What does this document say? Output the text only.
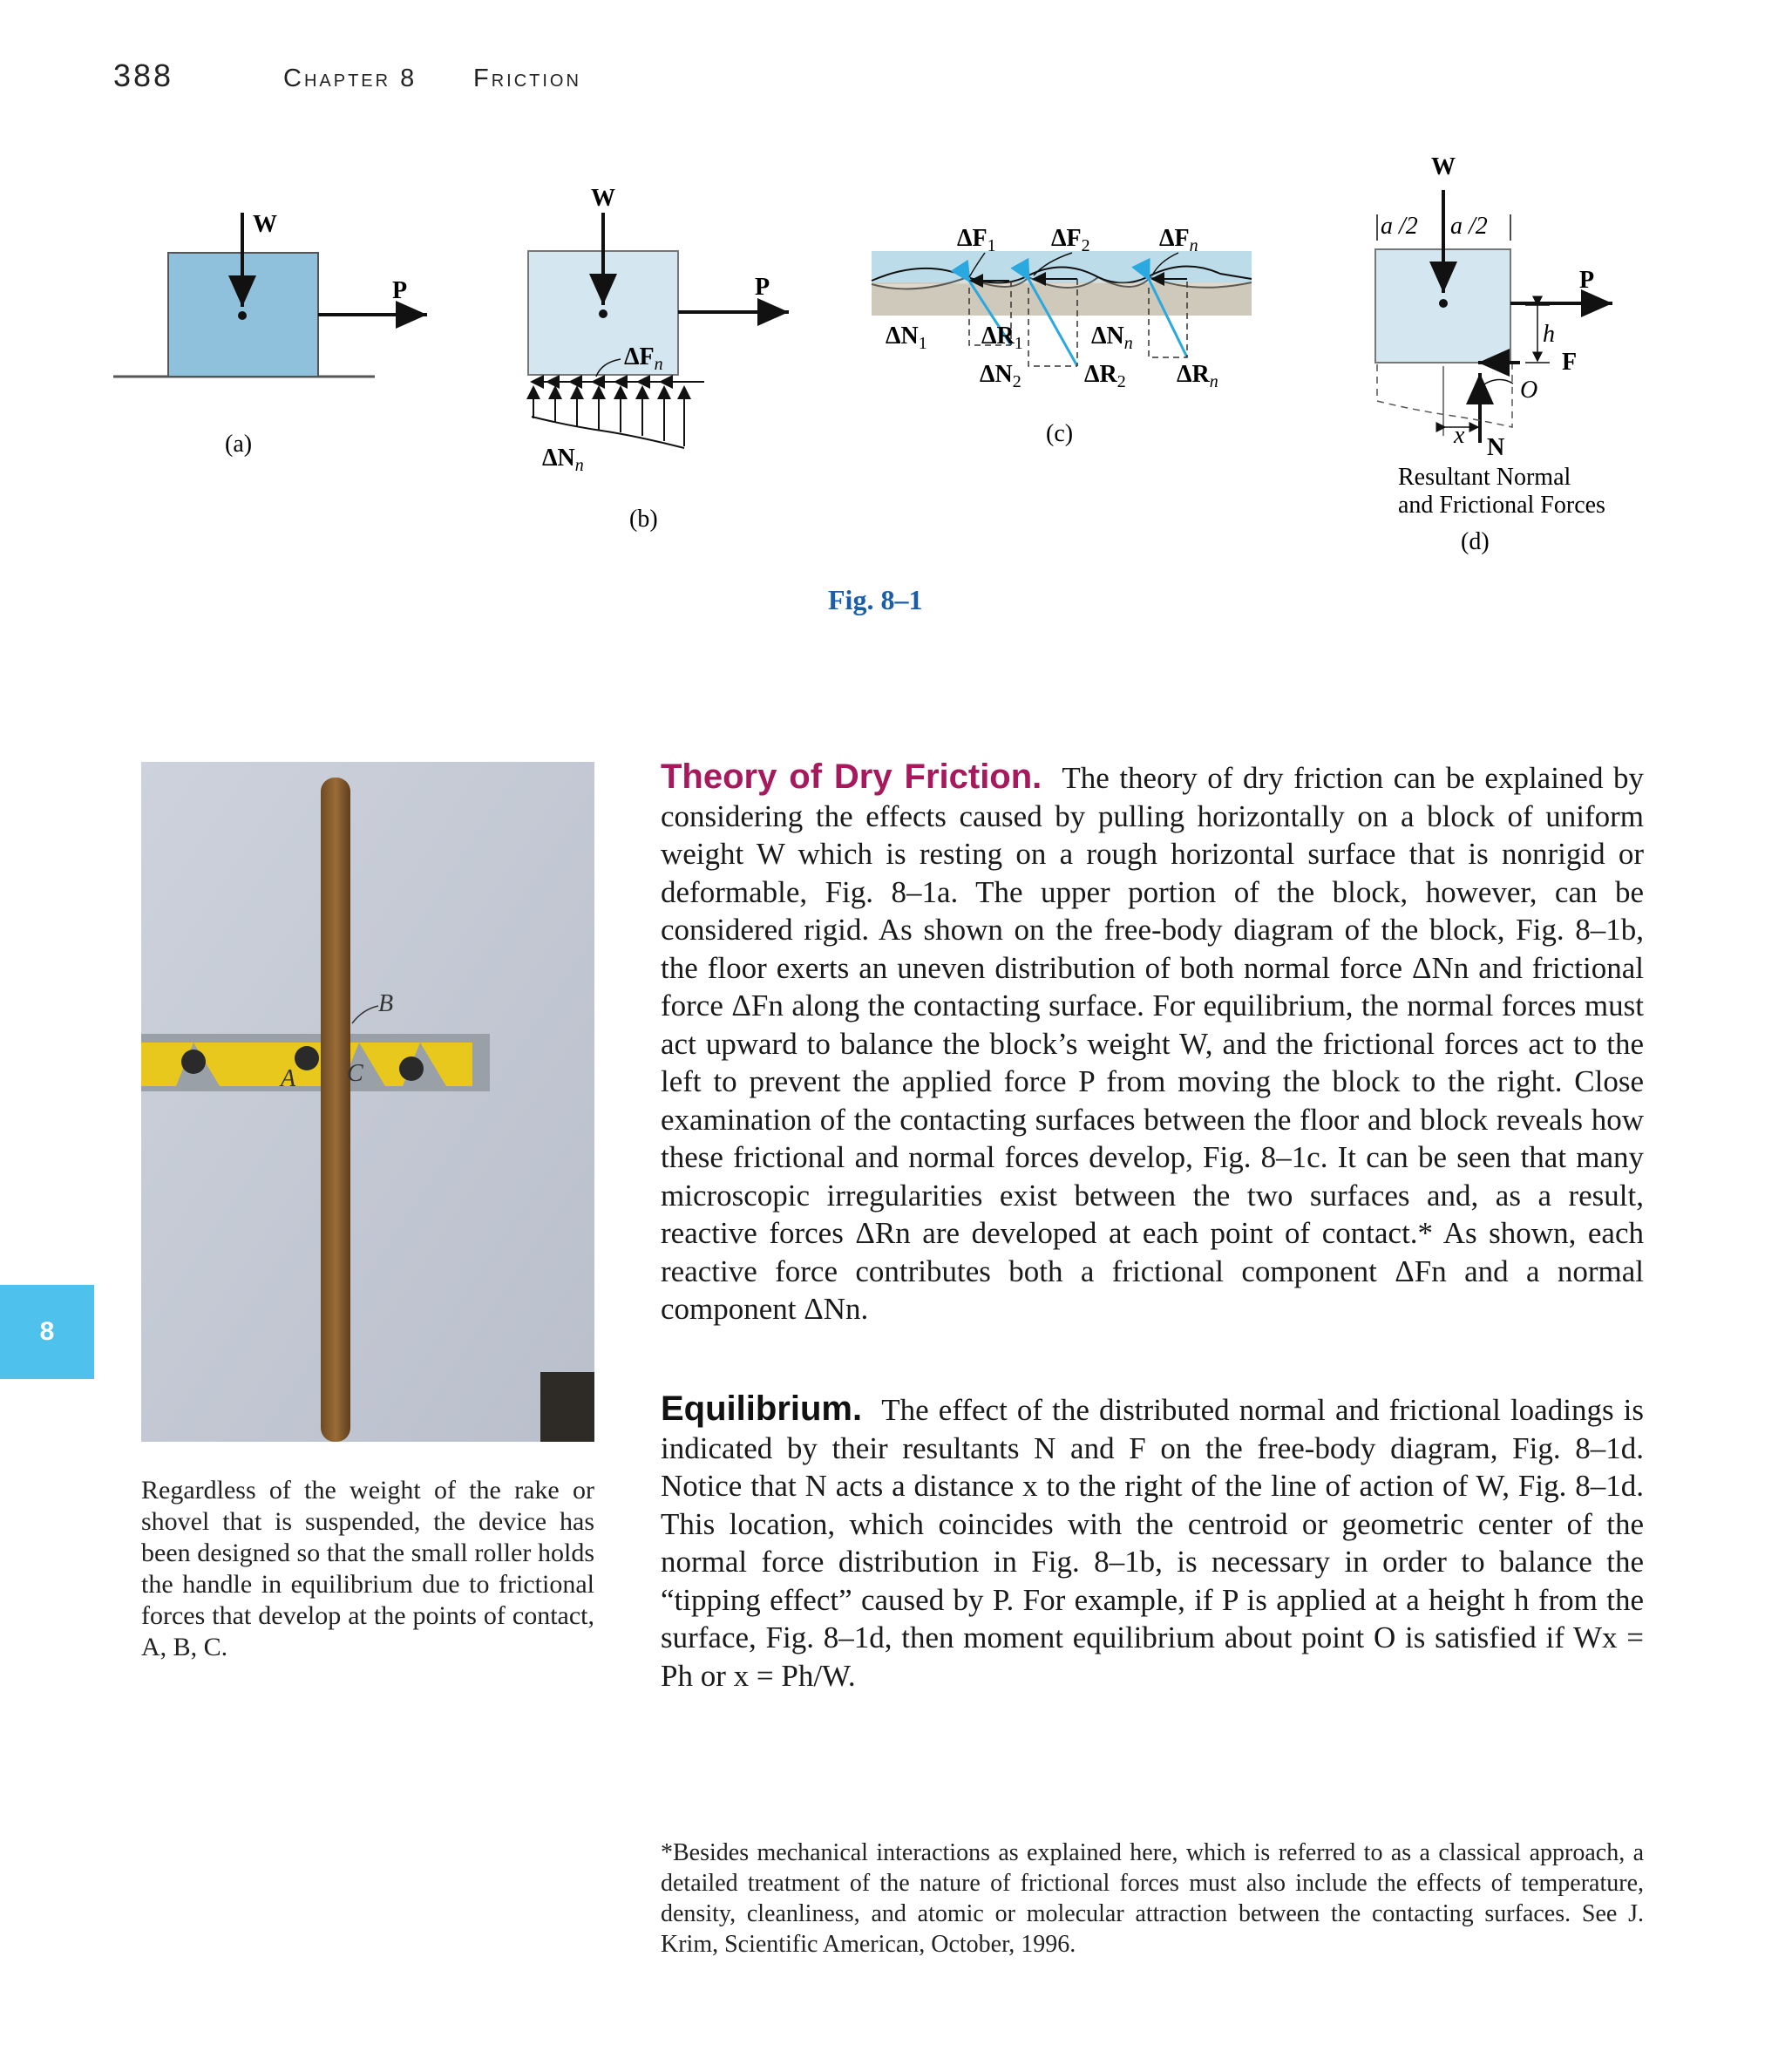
388	Chapter 8 Friction
W
P
(a)
W
P
$\Delta F_n$
$\Delta N_n$
(b)
$\Delta F_1$ $\Delta F_2$	$\Delta F_n$
$\Delta N_1$ $\Delta R_1$	$\Delta N_n$
$\Delta N_2$	$\Delta R_2$ $\Delta R_n$
(c)
W
a /2 a /2
P
h
F
O
x N
Resultant Normal
and Frictional Forces
(d)
Fig. 8–1
B
A C
Regardless of the weight of the rake or shovel that is suspended, the device has been designed so that the small roller holds the handle in equilibrium due to frictional forces that develop at the points of contact, A, B, C.
8
Theory of Dry Friction. The theory of dry friction can be explained by considering the effects caused by pulling horizontally on a block of uniform weight W which is resting on a rough horizontal surface that is nonrigid or deformable, Fig. 8–1a. The upper portion of the block, however, can be considered rigid. As shown on the free-body diagram of the block, Fig. 8–1b, the floor exerts an uneven distribution of both normal force ΔNn and frictional force ΔFn along the contacting surface. For equilibrium, the normal forces must act upward to balance the block’s weight W, and the frictional forces act to the left to prevent the applied force P from moving the block to the right. Close examination of the contacting surfaces between the floor and block reveals how these frictional and normal forces develop, Fig. 8–1c. It can be seen that many microscopic irregularities exist between the two surfaces and, as a result, reactive forces ΔRn are developed at each point of contact.* As shown, each reactive force contributes both a frictional component ΔFn and a normal component ΔNn.
Equilibrium. The effect of the distributed normal and frictional loadings is indicated by their resultants N and F on the free-body diagram, Fig. 8–1d. Notice that N acts a distance x to the right of the line of action of W, Fig. 8–1d. This location, which coincides with the centroid or geometric center of the normal force distribution in Fig. 8–1b, is necessary in order to balance the “tipping effect” caused by P. For example, if P is applied at a height h from the surface, Fig. 8–1d, then moment equilibrium about point O is satisfied if Wx = Ph or x = Ph/W.
*Besides mechanical interactions as explained here, which is referred to as a classical approach, a detailed treatment of the nature of frictional forces must also include the effects of temperature, density, cleanliness, and atomic or molecular attraction between the contacting surfaces. See J. Krim, Scientific American, October, 1996.
